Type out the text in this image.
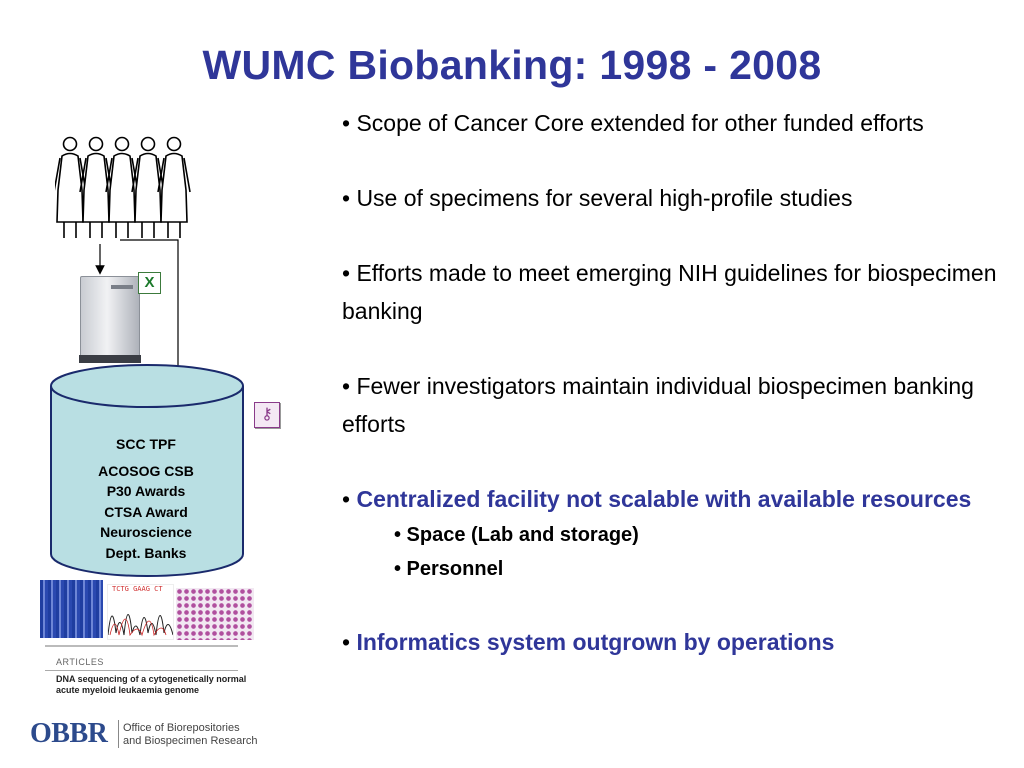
WUMC Biobanking: 1998 - 2008
X
SCC TPF
ACOSOG CSB
P30 Awards
CTSA Award
Neuroscience
Dept. Banks
⚷
TCTG GAAG CT
ARTICLES
DNA sequencing of a cytogenetically normal acute myeloid leukaemia genome
OBBR Office of Biorepositories
and Biospecimen Research

• Scope of Cancer Core extended for other funded efforts

• Use of specimens for several high-profile studies

• Efforts made to meet emerging NIH guidelines for biospecimen banking

• Fewer investigators maintain individual biospecimen banking efforts

• Centralized facility not scalable with available resources

• Space (Lab and storage)

• Personnel

• Informatics system outgrown by operations
